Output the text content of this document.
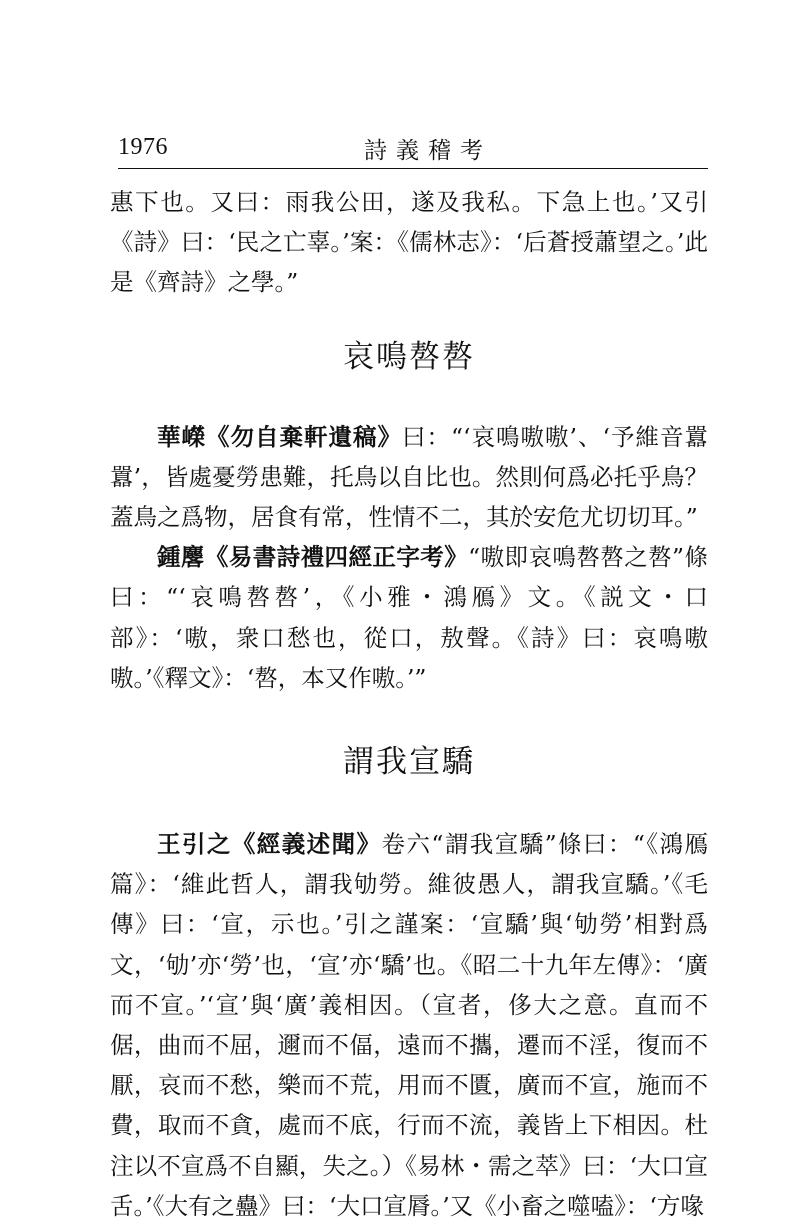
1976	詩義稽考

惠下也。又曰：雨我公田，遂及我私。下急上也。’又引《詩》曰：‘民之亡辜。’案：《儒林志》：‘后蒼授蕭望之。’此是《齊詩》之學。”

哀鳴嗸嗸

華嶸《勿自棄軒遺稿》曰：“‘哀鳴嗷嗷’、‘予維音囂囂’，皆處憂勞患難，托鳥以自比也。然則何爲必托乎鳥？蓋鳥之爲物，居食有常，性情不二，其於安危尤切切耳。”

鍾麐《易書詩禮四經正字考》“嗷即哀鳴嗸嗸之嗸”條曰：“‘哀鳴嗸嗸’，《小雅・鴻鴈》文。《説文・口部》：‘嗷，衆口愁也，從口，敖聲。《詩》曰：哀鳴嗷嗷。’《釋文》：‘嗸，本又作嗷。’”

謂我宣驕

王引之《經義述聞》卷六“謂我宣驕”條曰：“《鴻鴈篇》：‘維此哲人，謂我劬勞。維彼愚人，謂我宣驕。’《毛傳》曰：‘宣，示也。’引之謹案：‘宣驕’與‘劬勞’相對爲文，‘劬’亦‘勞’也，‘宣’亦‘驕’也。《昭二十九年左傳》：‘廣而不宣。’‘宣’與‘廣’義相因。（宣者，侈大之意。直而不倨，曲而不屈，邇而不偪，遠而不攜，遷而不淫，復而不厭，哀而不愁，樂而不荒，用而不匱，廣而不宣，施而不費，取而不貪，處而不底，行而不流，義皆上下相因。杜注以不宣爲不自顯，失之。）《易林・需之萃》曰：‘大口宣舌。’《大有之蠱》曰：‘大口宣脣。’又《小畜之噬嗑》：‘方喙
